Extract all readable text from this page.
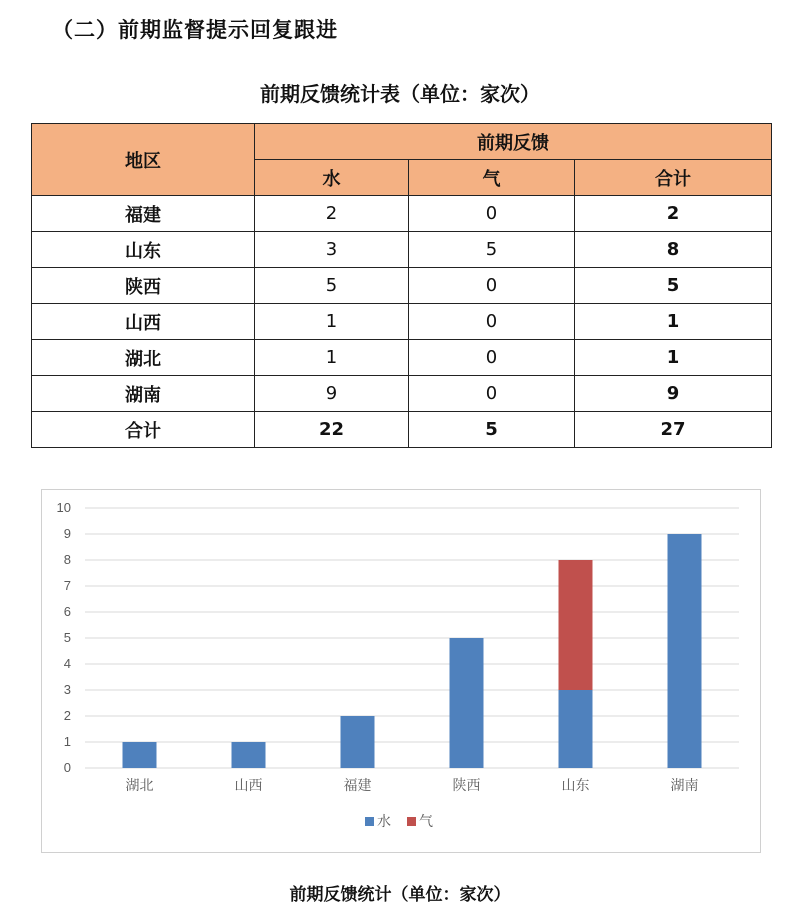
（二）前期监督提示回复跟进
前期反馈统计表（单位：家次）
地区	前期反馈		
	水	气	合计
福建	2	0	2
山东	3	5	8
陕西	5	0	5
山西	1	0	1
湖北	1	0	1
湖南	9	0	9
合计	22	5	27
0
1
2
3
4
5
6
7
8
9
10
湖北	山西	福建	陕西	山东	湖南
水 气
前期反馈统计（单位：家次）
